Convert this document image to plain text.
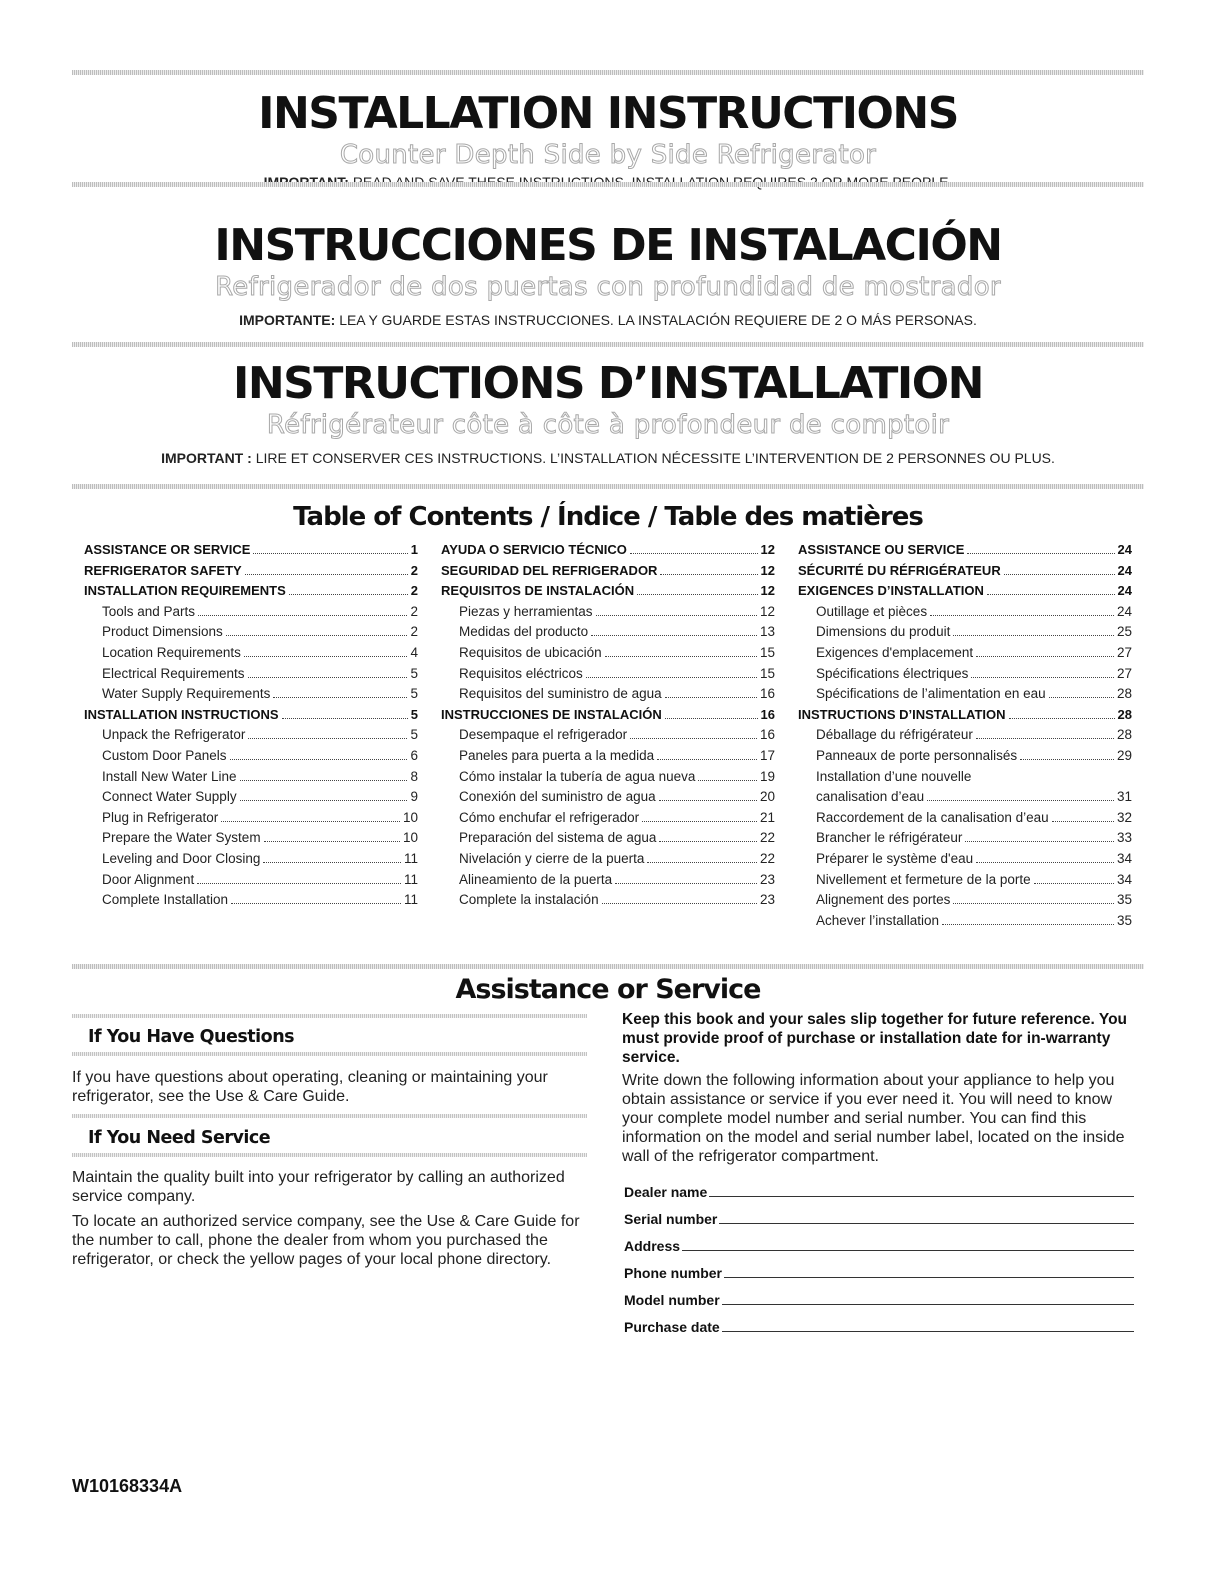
INSTALLATION INSTRUCTIONS
Counter Depth Side by Side Refrigerator
INSTRUCCIONES DE INSTALACIÓN
Refrigerador de dos puertas con profundidad de mostrador
IMPORTANTE: LEA Y GUARDE ESTAS INSTRUCCIONES. LA INSTALACIÓN REQUIERE DE 2 O MÁS PERSONAS.
INSTRUCTIONS D’INSTALLATION
Réfrigérateur côte à côte à profondeur de comptoir
IMPORTANT : LIRE ET CONSERVER CES INSTRUCTIONS. L’INSTALLATION NÉCESSITE L’INTERVENTION DE 2 PERSONNES OU PLUS.
Table of Contents / Índice / Table des matières
ASSISTANCE OR SERVICE	1
REFRIGERATOR SAFETY	2
INSTALLATION REQUIREMENTS	2
Tools and Parts	2
Product Dimensions	2
Location Requirements	4
Electrical Requirements	5
Water Supply Requirements	5
INSTALLATION INSTRUCTIONS	5
Unpack the Refrigerator	5
Custom Door Panels	6
Install New Water Line	8
Connect Water Supply	9
Plug in Refrigerator	10
Prepare the Water System	10
Leveling and Door Closing	11
Door Alignment	11
Complete Installation	11
AYUDA O SERVICIO TÉCNICO	12
SEGURIDAD DEL REFRIGERADOR	12
REQUISITOS DE INSTALACIÓN	12
Piezas y herramientas	12
Medidas del producto	13
Requisitos de ubicación	15
Requisitos eléctricos	15
Requisitos del suministro de agua	16
INSTRUCCIONES DE INSTALACIÓN	16
Desempaque el refrigerador	16
Paneles para puerta a la medida	17
Cómo instalar la tubería de agua nueva	19
Conexión del suministro de agua	20
Cómo enchufar el refrigerador	21
Preparación del sistema de agua	22
Nivelación y cierre de la puerta	22
Alineamiento de la puerta	23
Complete la instalación	23
ASSISTANCE OU SERVICE	24
SÉCURITÉ DU RÉFRIGÉRATEUR	24
EXIGENCES D’INSTALLATION	24
Outillage et pièces	24
Dimensions du produit	25
Exigences d'emplacement	27
Spécifications électriques	27
Spécifications de l’alimentation en eau	28
INSTRUCTIONS D’INSTALLATION	28
Déballage du réfrigérateur	28
Panneaux de porte personnalisés	29
Installation d’une nouvelle
canalisation d’eau	31
Raccordement de la canalisation d’eau	32
Brancher le réfrigérateur	33
Préparer le système d'eau	34
Nivellement et fermeture de la porte	34
Alignement des portes	35
Achever l’installation	35
Assistance or Service
If You Have Questions

If you have questions about operating, cleaning or maintaining your refrigerator, see the Use & Care Guide.

If You Need Service

Maintain the quality built into your refrigerator by calling an authorized service company.

To locate an authorized service company, see the Use & Care Guide for the number to call, phone the dealer from whom you purchased the refrigerator, or check the yellow pages of your local phone directory.

Keep this book and your sales slip together for future reference. You must provide proof of purchase or installation date for in-warranty service.

Write down the following information about your appliance to help you obtain assistance or service if you ever need it. You will need to know your complete model number and serial number. You can find this information on the model and serial number label, located on the inside wall of the refrigerator compartment.

Dealer name
Serial number
Address
Phone number
Model number
Purchase date
W10168334A
